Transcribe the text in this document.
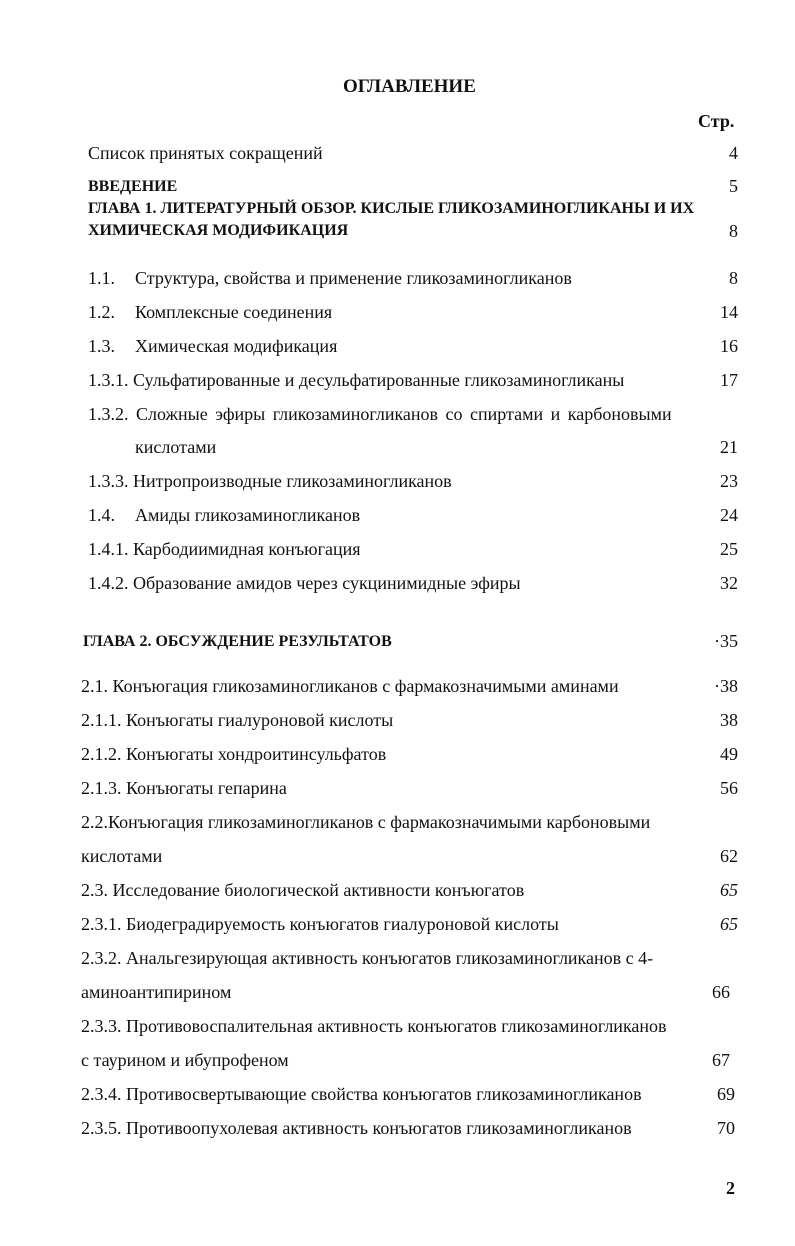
ОГЛАВЛЕНИЕ
Стр.
Список принятых сокращений	4
ВВЕДЕНИЕ	5
ГЛАВА 1. ЛИТЕРАТУРНЫЙ ОБЗОР. КИСЛЫЕ ГЛИКОЗАМИНОГЛИКАНЫ И ИХ
ХИМИЧЕСКАЯ МОДИФИКАЦИЯ	8
1.1. Структура, свойства и применение гликозаминогликанов	8
1.2. Комплексные соединения	14
1.3. Химическая модификация	16
1.3.1. Сульфатированные и десульфатированные гликозаминогликаны	17
1.3.2. Сложные эфиры гликозаминогликанов со спиртами и карбоновыми
кислотами	21
1.3.3. Нитропроизводные гликозаминогликанов	23
1.4. Амиды гликозаминогликанов	24
1.4.1. Карбодиимидная конъюгация	25
1.4.2. Образование амидов через сукцинимидные эфиры	32
ГЛАВА 2. ОБСУЖДЕНИЕ РЕЗУЛЬТАТОВ	·35
2.1. Конъюгация гликозаминогликанов с фармакозначимыми аминами	·38
2.1.1. Конъюгаты гиалуроновой кислоты	38
2.1.2. Конъюгаты хондроитинсульфатов	49
2.1.3. Конъюгаты гепарина	56
2.2.Конъюгация гликозаминогликанов с фармакозначимыми карбоновыми
кислотами	62
2.3. Исследование биологической активности конъюгатов	65
2.3.1. Биодеградируемость конъюгатов гиалуроновой кислоты	65
2.3.2. Анальгезирующая активность конъюгатов гликозаминогликанов с 4-
аминоантипирином	66
2.3.3. Противовоспалительная активность конъюгатов гликозаминогликанов
с таурином и ибупрофеном	67
2.3.4. Противосвертывающие свойства конъюгатов гликозаминогликанов	69
2.3.5. Противоопухолевая активность конъюгатов гликозаминогликанов	70
2
